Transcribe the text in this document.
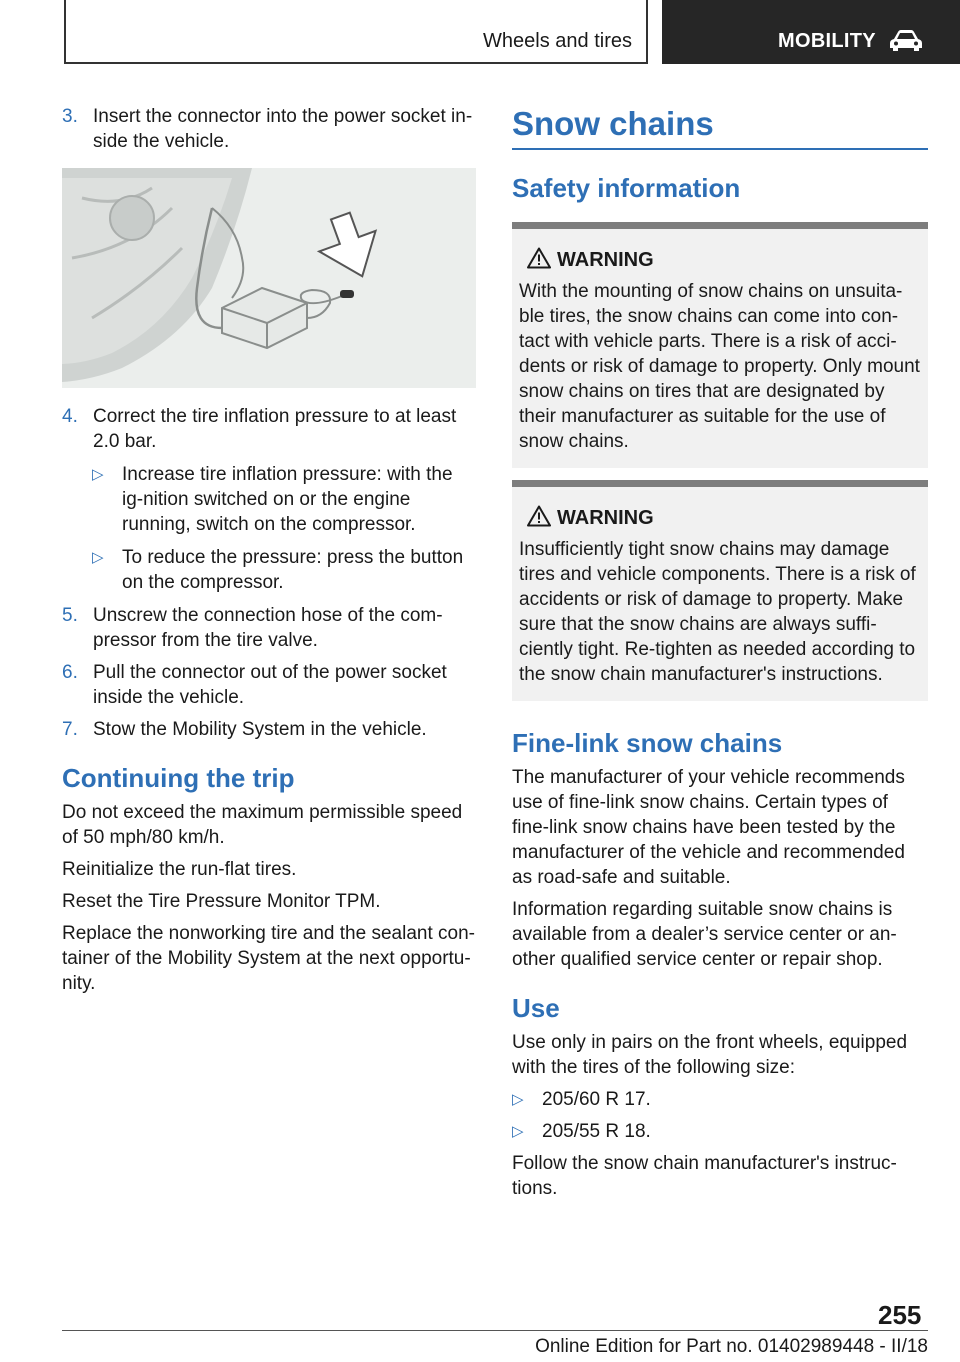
Wheels and tires	MOBILITY
3. Insert the connector into the power socket in-side the vehicle.
4. Correct the tire inflation pressure to at least 2.0 bar.
▷ Increase tire inflation pressure: with the ig-nition switched on or the engine running, switch on the compressor.
▷ To reduce the pressure: press the button on the compressor.
5. Unscrew the connection hose of the com-pressor from the tire valve.
6. Pull the connector out of the power socket inside the vehicle.
7. Stow the Mobility System in the vehicle.
Continuing the trip

Do not exceed the maximum permissible speed of 50 mph/80 km/h.

Reinitialize the run-flat tires.

Reset the Tire Pressure Monitor TPM.

Replace the nonworking tire and the sealant con-tainer of the Mobility System at the next opportu-nity.

Snow chains
Safety information
WARNING
With the mounting of snow chains on unsuita-ble tires, the snow chains can come into con-tact with vehicle parts. There is a risk of acci-dents or risk of damage to property. Only mount snow chains on tires that are designated by their manufacturer as suitable for the use of snow chains.
WARNING
Insufficiently tight snow chains may damage tires and vehicle components. There is a risk of accidents or risk of damage to property. Make sure that the snow chains are always suffi-ciently tight. Re-tighten as needed according to the snow chain manufacturer's instructions.
Fine-link snow chains

The manufacturer of your vehicle recommends use of fine-link snow chains. Certain types of fine-link snow chains have been tested by the manufacturer of the vehicle and recommended as road-safe and suitable.

Information regarding suitable snow chains is available from a dealer’s service center or an-other qualified service center or repair shop.

Use

Use only in pairs on the front wheels, equipped with the tires of the following size:

▷ 205/60 R 17.
▷ 205/55 R 18.

Follow the snow chain manufacturer's instruc-tions.

255
Online Edition for Part no. 01402989448 - II/18
